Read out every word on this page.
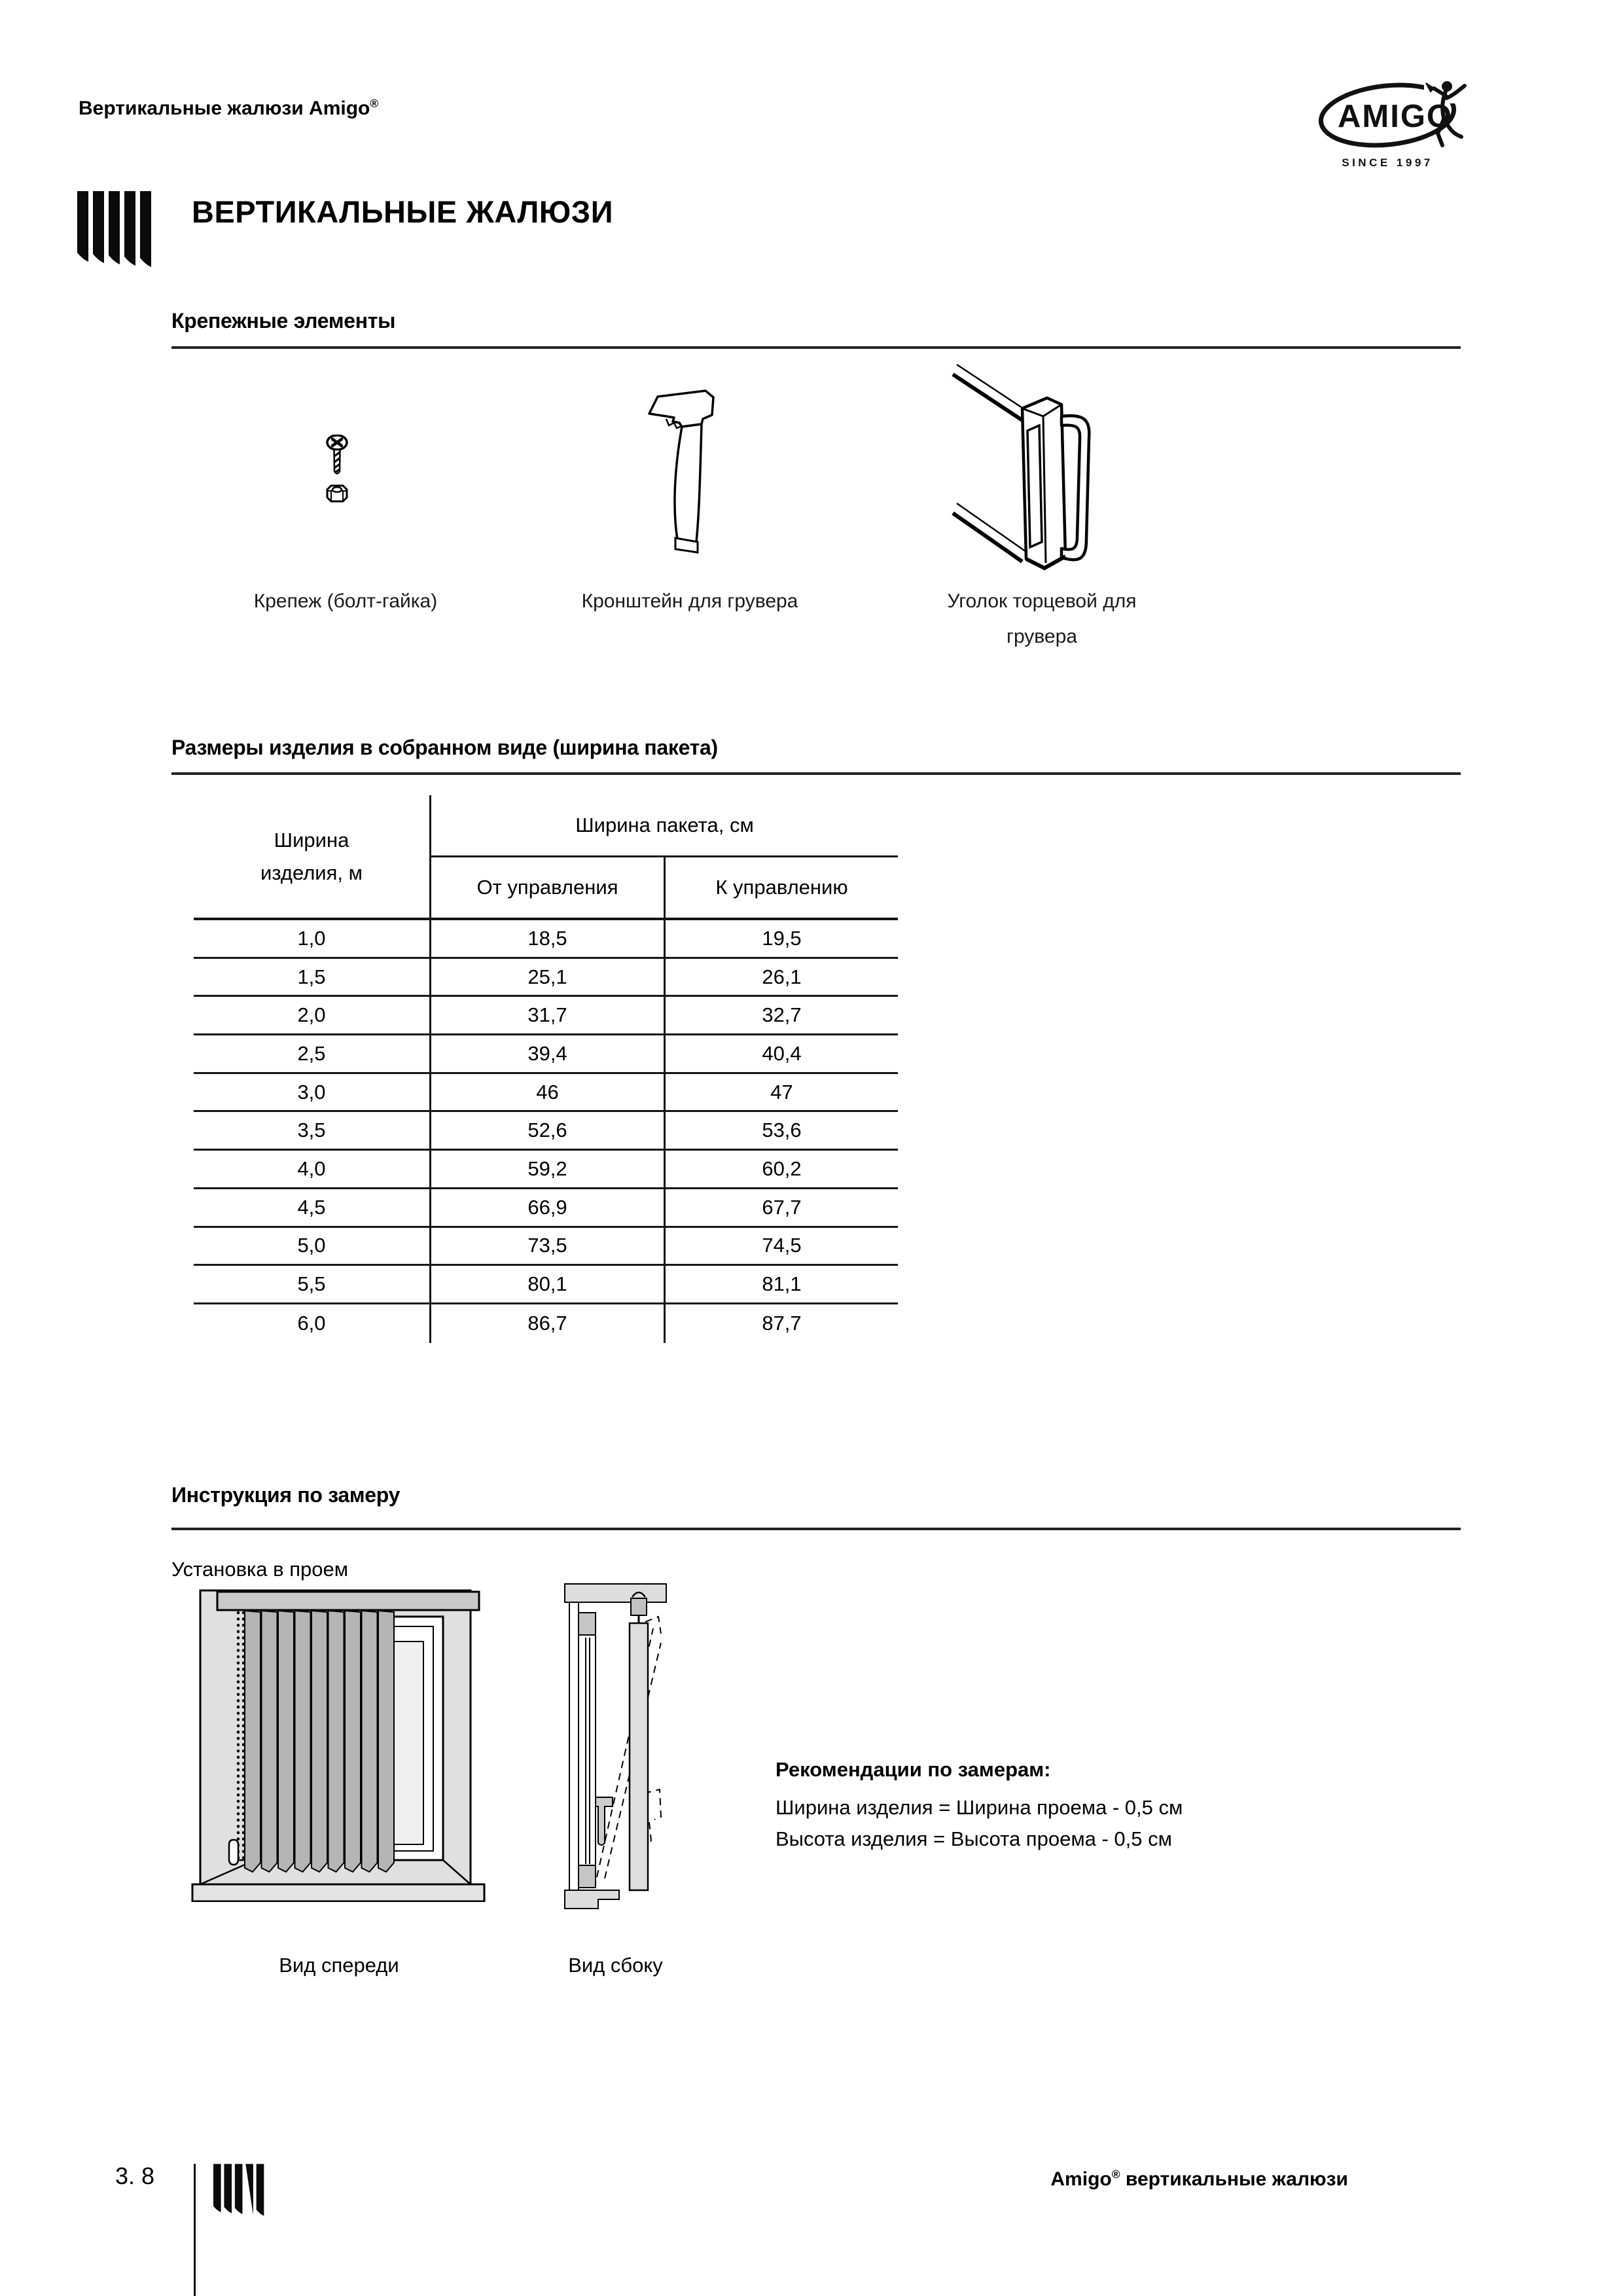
Вертикальные жалюзи Amigo®	AMIGO
SINCE 1997
ВЕРТИКАЛЬНЫЕ ЖАЛЮЗИ
Крепежные элементы
Крепеж (болт-гайка)	Кронштейн для грувера	Уголок торцевой для грувера
Размеры изделия в собранном виде (ширина пакета)
Ширина
изделия, м
Ширина пакета, см
От управления	К управлению
1,0	18,5	19,5
1,5	25,1	26,1
2,0	31,7	32,7
2,5	39,4	40,4
3,0	46	47
3,5	52,6	53,6
4,0	59,2	60,2
4,5	66,9	67,7
5,0	73,5	74,5
5,5	80,1	81,1
6,0	86,7	87,7
Инструкция по замеру
Установка в проем
Вид спереди	Вид сбоку
Рекомендации по замерам:
Ширина изделия = Ширина проема - 0,5 см
Высота изделия = Высота проема - 0,5 см
3. 8	Amigo® вертикальные жалюзи
